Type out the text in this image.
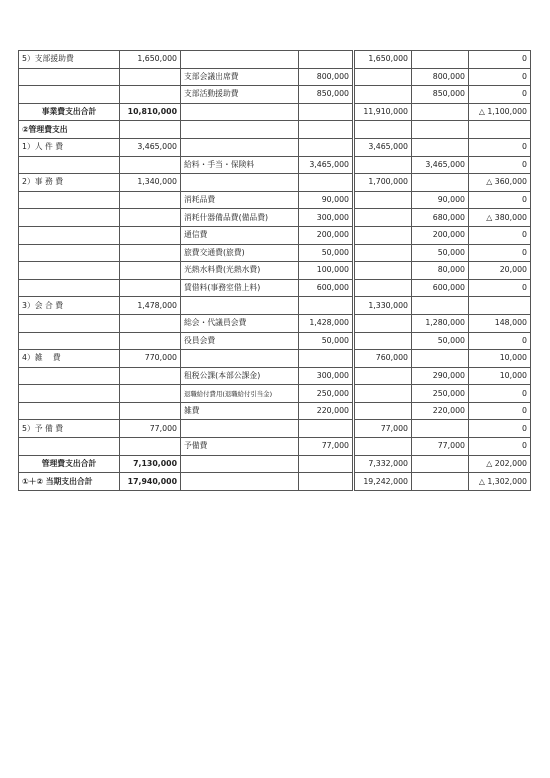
5）支部援助費	1,650,000			1,650,000		0
		支部会議出席費	800,000		800,000	0
		支部活動援助費	850,000		850,000	0
事業費支出合計	10,810,000			11,910,000		△ 1,100,000
②管理費支出						
1）人 件 費	3,465,000			3,465,000		0
		給料・手当・保険料	3,465,000		3,465,000	0
2）事 務 費	1,340,000			1,700,000		△ 360,000
		消耗品費	90,000		90,000	0
		消耗什器備品費(備品費)	300,000		680,000	△ 380,000
		通信費	200,000		200,000	0
		旅費交通費(旅費)	50,000		50,000	0
		光熱水料費(光熱水費)	100,000		80,000	20,000
		賃借料(事務室借上料)	600,000		600,000	0
3）会 合 費	1,478,000			1,330,000		
		総会・代議員会費	1,428,000		1,280,000	148,000
		役員会費	50,000		50,000	0
4）雑　 費	770,000			760,000		10,000
		租税公課(本部公課金)	300,000		290,000	10,000
		退職給付費用(退職給付引当金)	250,000		250,000	0
		雑費	220,000		220,000	0
5）予 備 費	77,000			77,000		0
		予備費	77,000		77,000	0
管理費支出合計	7,130,000			7,332,000		△ 202,000
①＋② 当期支出合計	17,940,000			19,242,000		△ 1,302,000
